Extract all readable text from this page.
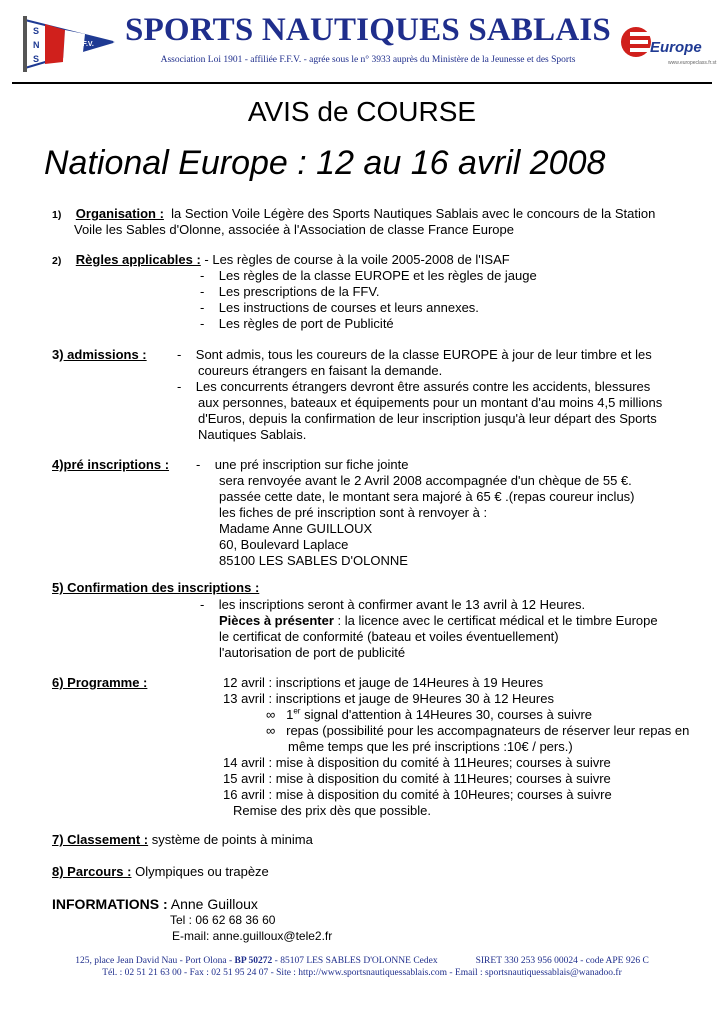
S
N
S
F.F.V. SPORTS NAUTIQUES SABLAIS
Association Loi 1901 - affiliée F.F.V. - agrée sous le n° 3933 auprès du Ministère de la Jeunesse et des Sports
Europe
www.europeclass.fr.st
AVIS de COURSE
National Europe : 12 au 16 avril 2008
1) Organisation : la Section Voile Légère des Sports Nautiques Sablais avec le concours de la Station
Voile les Sables d'Olonne, associée à l'Association de classe France Europe
2) Règles applicables : - Les règles de course à la voile 2005-2008 de l'ISAF
-    Les règles de la classe EUROPE et les règles de jauge
-    Les prescriptions de la FFV.
-    Les instructions de courses et leurs annexes.
-    Les règles de port de Publicité
3) admissions : -    Sont admis, tous les coureurs de la classe EUROPE à jour de leur timbre et les
coureurs étrangers en faisant la demande.
-    Les concurrents étrangers devront être assurés contre les accidents, blessures
aux personnes, bateaux et équipements pour un montant d'au moins 4,5 millions
d'Euros, depuis la confirmation de leur inscription jusqu'à leur départ des Sports
Nautiques Sablais.
4)pré inscriptions : -    une pré inscription sur fiche jointe
sera renvoyée avant le 2 Avril 2008 accompagnée d'un chèque de 55 €.
passée cette date, le montant sera majoré à 65 € .(repas coureur inclus)
les fiches de pré inscription sont à renvoyer à :
Madame Anne GUILLOUX
60, Boulevard Laplace
85100 LES SABLES D'OLONNE
5) Confirmation des inscriptions :
-    les inscriptions seront à confirmer avant le 13 avril à 12 Heures.
Pièces à présenter : la licence avec le certificat médical et le timbre Europe
le certificat de conformité (bateau et voiles éventuellement)
l'autorisation de port de publicité
6) Programme :	12 avril : inscriptions et jauge de 14Heures à 19 Heures
13 avril : inscriptions et jauge de 9Heures 30 à 12 Heures
∞ 1er signal d'attention à 14Heures 30, courses à suivre
∞ repas (possibilité pour les accompagnateurs de réserver leur repas en
même temps que les pré inscriptions :10€ / pers.)
14 avril : mise à disposition du comité à 11Heures; courses à suivre
15 avril : mise à disposition du comité à 11Heures; courses à suivre
16 avril : mise à disposition du comité à 10Heures; courses à suivre
Remise des prix dès que possible.
7) Classement : système de points à minima
8) Parcours : Olympiques ou trapèze
INFORMATIONS : Anne Guilloux
Tel : 06 62 68 36 60
E-mail: anne.guilloux@tele2.fr
125, place Jean David Nau - Port Olona - BP 50272 - 85107 LES SABLES D'OLONNE Cedex	SIRET 330 253 956 00024 - code APE 926 C
Tél. : 02 51 21 63 00 - Fax : 02 51 95 24 07 - Site : http://www.sportsnautiquessablais.com - Email : sportsnautiquessablais@wanadoo.fr
